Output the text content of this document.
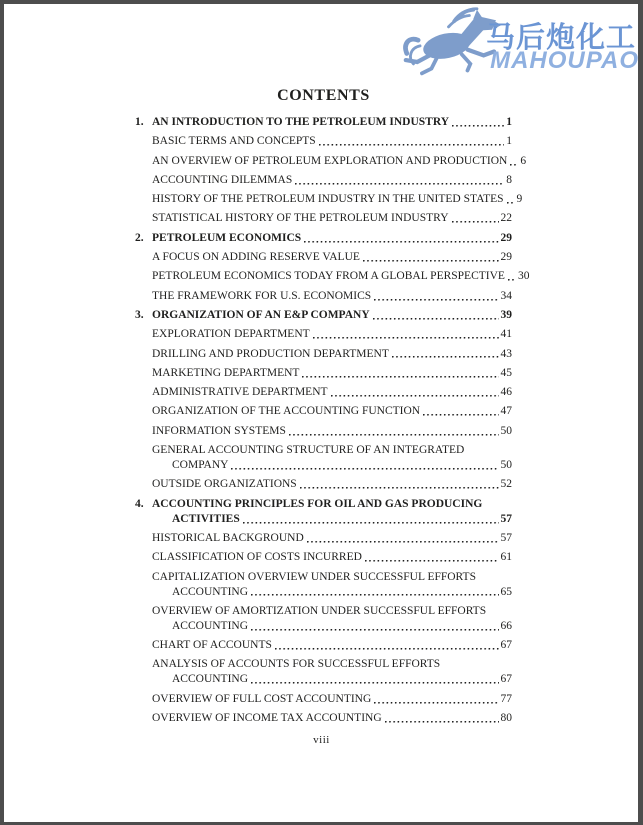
马后炮化工
MAHOUPAO
CONTENTS
1. AN INTRODUCTION TO THE PETROLEUM INDUSTRY	1
BASIC TERMS AND CONCEPTS	1
AN OVERVIEW OF PETROLEUM EXPLORATION AND PRODUCTION 6
ACCOUNTING DILEMMAS	8
HISTORY OF THE PETROLEUM INDUSTRY IN THE UNITED STATES 9
STATISTICAL HISTORY OF THE PETROLEUM INDUSTRY	22
2. PETROLEUM ECONOMICS	29
A FOCUS ON ADDING RESERVE VALUE	29
PETROLEUM ECONOMICS TODAY FROM A GLOBAL PERSPECTIVE 30
THE FRAMEWORK FOR U.S. ECONOMICS	34
3. ORGANIZATION OF AN E&P COMPANY	39
EXPLORATION DEPARTMENT	41
DRILLING AND PRODUCTION DEPARTMENT	43
MARKETING DEPARTMENT	45
ADMINISTRATIVE DEPARTMENT	46
ORGANIZATION OF THE ACCOUNTING FUNCTION	47
INFORMATION SYSTEMS	50
GENERAL ACCOUNTING STRUCTURE OF AN INTEGRATED
COMPANY	50
OUTSIDE ORGANIZATIONS	52
4. ACCOUNTING PRINCIPLES FOR OIL AND GAS PRODUCING
ACTIVITIES	57
HISTORICAL BACKGROUND	57
CLASSIFICATION OF COSTS INCURRED	61
CAPITALIZATION OVERVIEW UNDER SUCCESSFUL EFFORTS
ACCOUNTING	65
OVERVIEW OF AMORTIZATION UNDER SUCCESSFUL EFFORTS
ACCOUNTING	66
CHART OF ACCOUNTS	67
ANALYSIS OF ACCOUNTS FOR SUCCESSFUL EFFORTS
ACCOUNTING	67
OVERVIEW OF FULL COST ACCOUNTING	77
OVERVIEW OF INCOME TAX ACCOUNTING	80
viii
